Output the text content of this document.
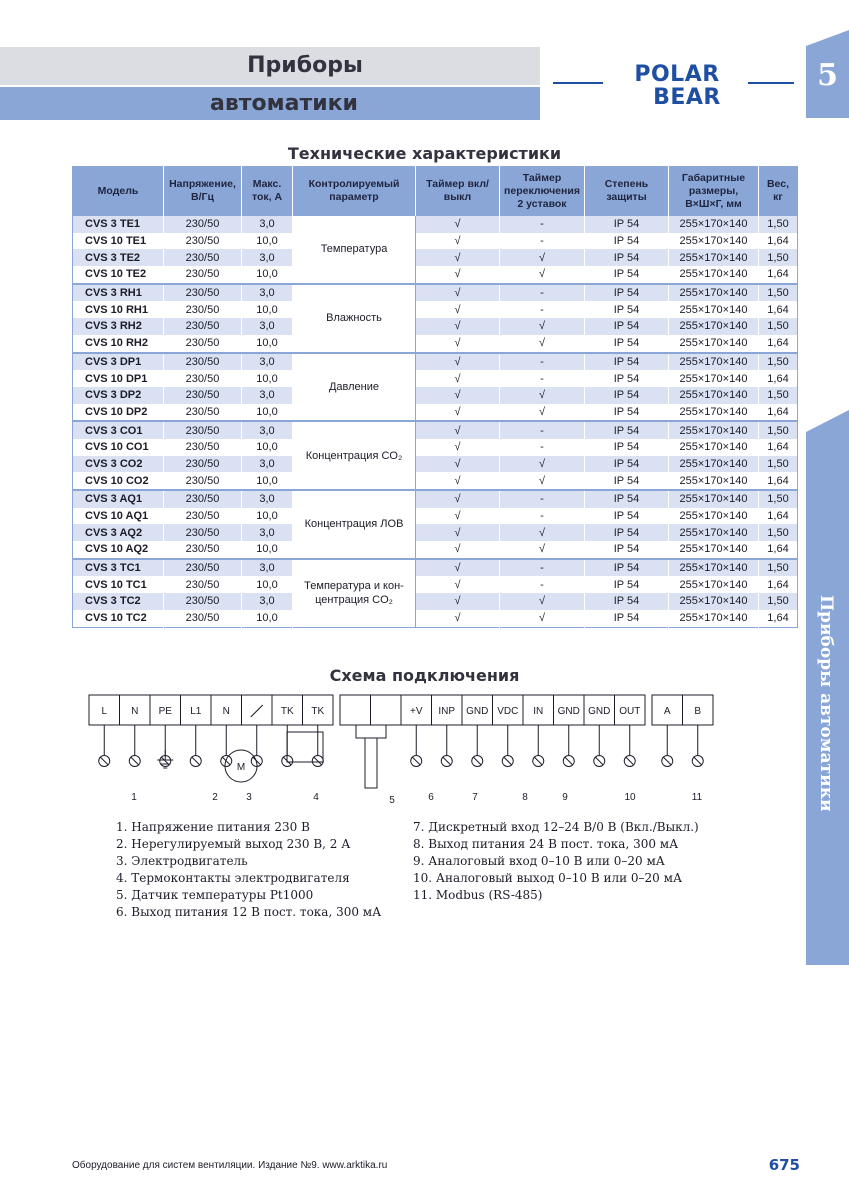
Приборы
автоматики
POLAR
BEAR
5
Приборы автоматики
Технические характеристики
Модель	Напряжение, В/Гц	Макс. ток, А	Контролируемый параметр	Таймер вкл/выкл	Таймер переключения 2 уставок	Степень защиты	Габаритные размеры, В×Ш×Г, мм	Вес, кг
CVS 3 TE1	230/50	3,0	Температура	√	-	IP 54	255×170×140	1,50
CVS 10 TE1	230/50	10,0		√	-	IP 54	255×170×140	1,64
CVS 3 TE2	230/50	3,0		√	√	IP 54	255×170×140	1,50
CVS 10 TE2	230/50	10,0		√	√	IP 54	255×170×140	1,64
CVS 3 RH1	230/50	3,0	Влажность	√	-	IP 54	255×170×140	1,50
CVS 10 RH1	230/50	10,0		√	-	IP 54	255×170×140	1,64
CVS 3 RH2	230/50	3,0		√	√	IP 54	255×170×140	1,50
CVS 10 RH2	230/50	10,0		√	√	IP 54	255×170×140	1,64
CVS 3 DP1	230/50	3,0	Давление	√	-	IP 54	255×170×140	1,50
CVS 10 DP1	230/50	10,0		√	-	IP 54	255×170×140	1,64
CVS 3 DP2	230/50	3,0		√	√	IP 54	255×170×140	1,50
CVS 10 DP2	230/50	10,0		√	√	IP 54	255×170×140	1,64
CVS 3 CO1	230/50	3,0	Концентрация CO₂	√	-	IP 54	255×170×140	1,50
CVS 10 CO1	230/50	10,0		√	-	IP 54	255×170×140	1,64
CVS 3 CO2	230/50	3,0		√	√	IP 54	255×170×140	1,50
CVS 10 CO2	230/50	10,0		√	√	IP 54	255×170×140	1,64
CVS 3 AQ1	230/50	3,0	Концентрация ЛОВ	√	-	IP 54	255×170×140	1,50
CVS 10 AQ1	230/50	10,0		√	-	IP 54	255×170×140	1,64
CVS 3 AQ2	230/50	3,0		√	√	IP 54	255×170×140	1,50
CVS 10 AQ2	230/50	10,0		√	√	IP 54	255×170×140	1,64
CVS 3 TC1	230/50	3,0	Температура и кон-центрация CO₂	√	-	IP 54	255×170×140	1,50
CVS 10 TC1	230/50	10,0		√	-	IP 54	255×170×140	1,64
CVS 3 TC2	230/50	3,0		√	√	IP 54	255×170×140	1,50
CVS 10 TC2	230/50	10,0		√	√	IP 54	255×170×140	1,64
Схема подключения
L N PE L1 N	TK TK	+V INP GND VDC IN GND GND OUT A B
M
1	2	3	4	5	6	7	8	9	10	11
1. Напряжение питания 230 В
2. Нерегулируемый выход 230 В, 2 А
3. Электродвигатель
4. Термоконтакты электродвигателя
5. Датчик температуры Pt1000
6. Выход питания 12 В пост. тока, 300 мА
7. Дискретный вход 12–24 В/0 В (Вкл./Выкл.)
8. Выход питания 24 В пост. тока, 300 мА
9. Аналоговый вход 0–10 В или 0–20 мА
10. Аналоговый выход 0–10 В или 0–20 мА
11. Modbus (RS-485)
Оборудование для систем вентиляции. Издание №9. www.arktika.ru	675
